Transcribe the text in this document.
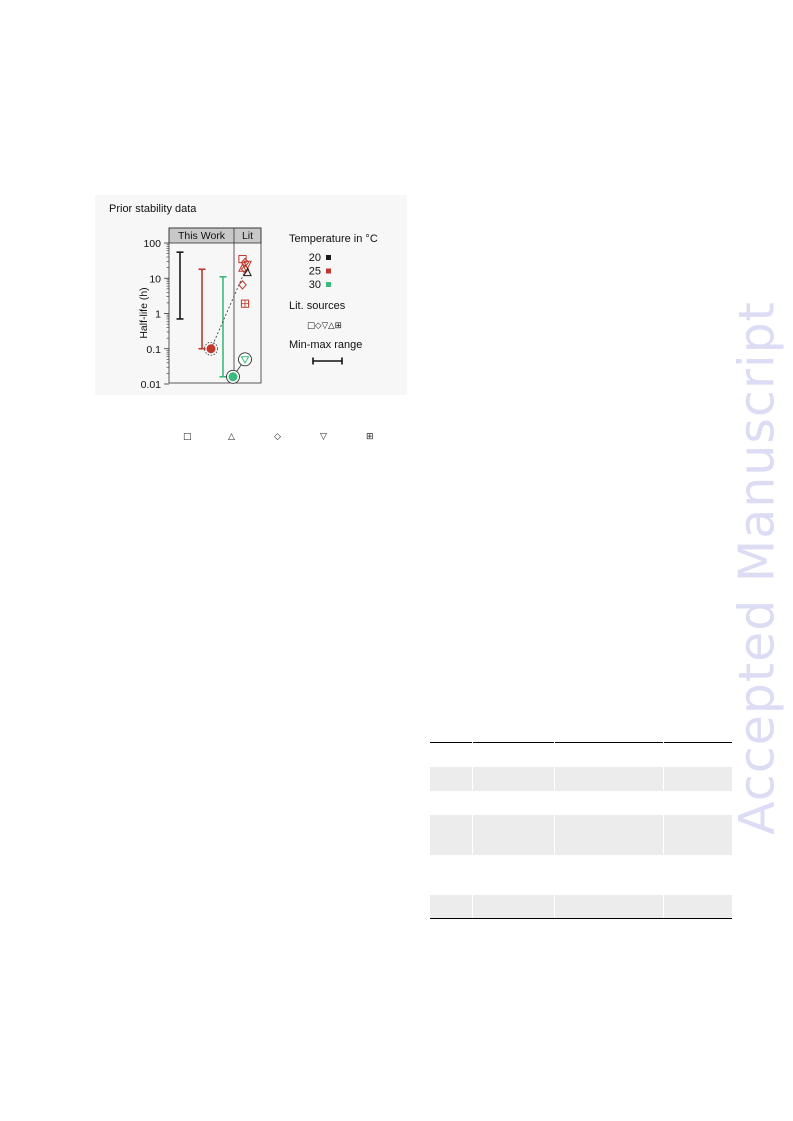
Prior stability data
This Work Lit
100
10
1
0.1
0.01
Half-life (h)
Temperature in °C
20
25
30
Lit. sources
□◇▽△⊞
Min-max range
□	△	◇	▽	⊞	Accepted Manuscript
